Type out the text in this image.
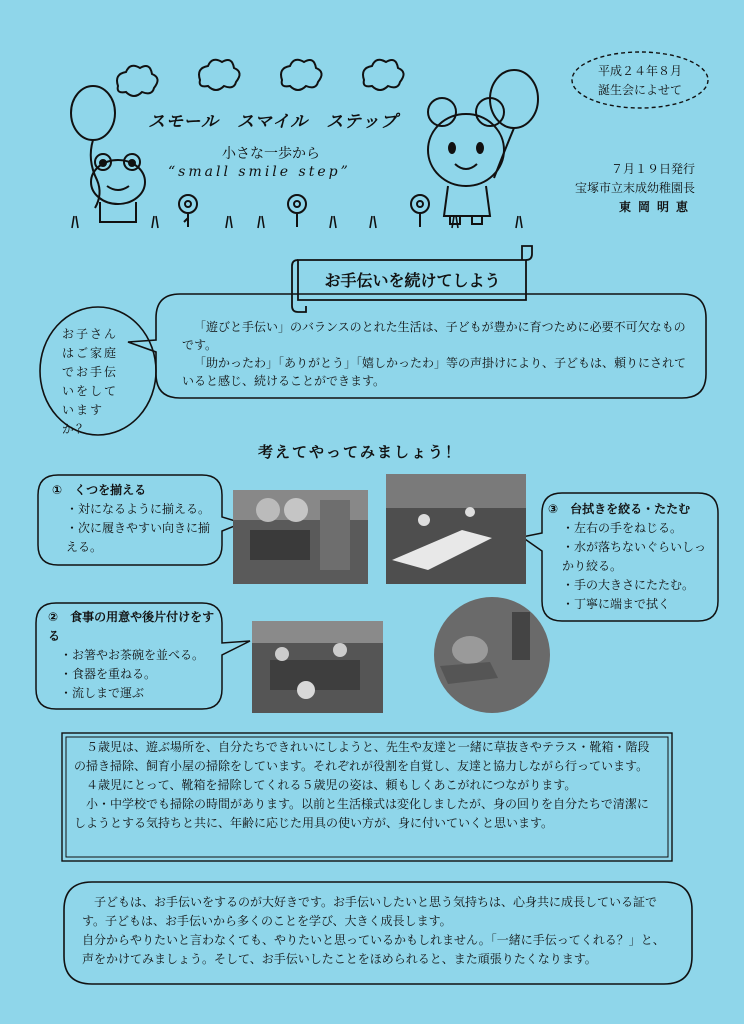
スモール　スマイル　ステップ
小さな一歩から
“small smile step”
平成２４年８月
誕生会によせて
７月１９日発行
宝塚市立末成幼稚園長
東岡明恵
お手伝いを続けてしよう
お子さんはご家庭でお手伝いをしていますか？
「遊びと手伝い」のバランスのとれた生活は、子どもが豊かに育つために必要不可欠なものです。
「助かったわ」「ありがとう」「嬉しかったわ」等の声掛けにより、子どもは、頼りにされていると感じ、続けることができます。
考えてやってみましょう！
①　くつを揃える
・対になるように揃える。
・次に履きやすい向きに揃える。
②　食事の用意や後片付けをする
・お箸やお茶碗を並べる。
・食器を重ねる。
・流しまで運ぶ
③　台拭きを絞る・たたむ
・左右の手をねじる。
・水が落ちないぐらいしっかり絞る。
・手の大きさにたたむ。
・丁寧に端まで拭く

５歳児は、遊ぶ場所を、自分たちできれいにしようと、先生や友達と一緒に草抜きやテラス・靴箱・階段の掃き掃除、飼育小屋の掃除をしています。それぞれが役割を自覚し、友達と協力しながら行っています。

４歳児にとって、靴箱を掃除してくれる５歳児の姿は、頼もしくあこがれにつながります。

小・中学校でも掃除の時間があります。以前と生活様式は変化しましたが、身の回りを自分たちで清潔にしようとする気持ちと共に、年齢に応じた用具の使い方が、身に付いていくと思います。

子どもは、お手伝いをするのが大好きです。お手伝いしたいと思う気持ちは、心身共に成長している証です。子どもは、お手伝いから多くのことを学び、大きく成長します。

自分からやりたいと言わなくても、やりたいと思っているかもしれません。「一緒に手伝ってくれる？」と、声をかけてみましょう。そして、お手伝いしたことをほめられると、また頑張りたくなります。
